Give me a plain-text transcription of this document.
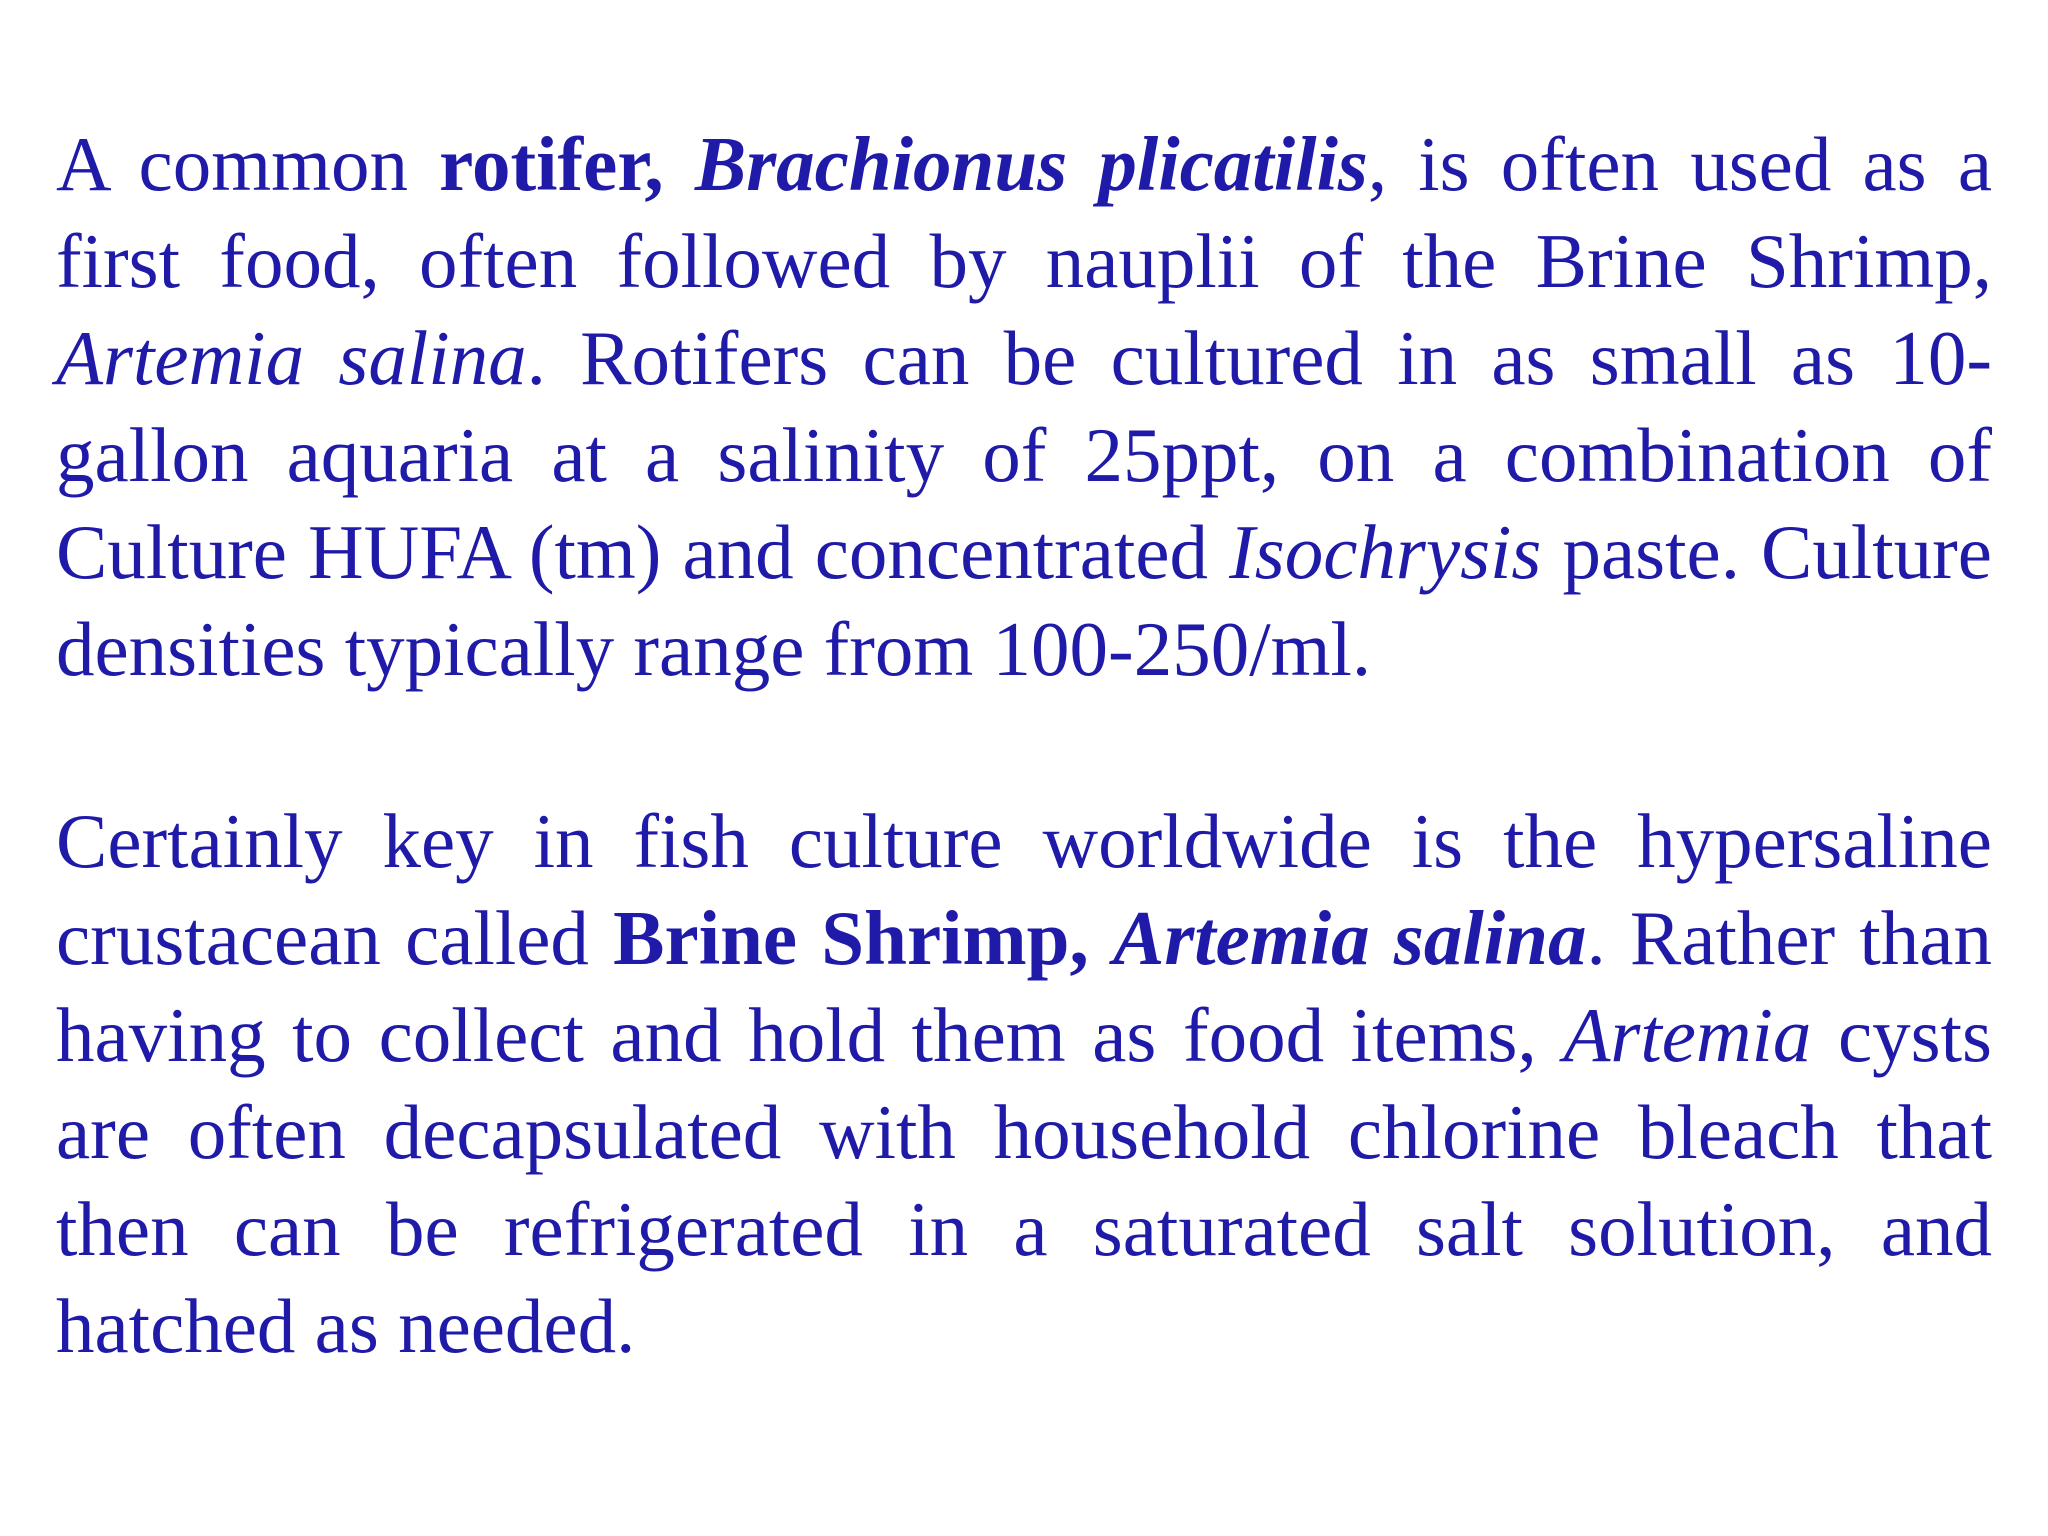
A common rotifer, Brachionus plicatilis, is often used as a first food, often followed by nauplii of the Brine Shrimp, Artemia salina. Rotifers can be cultured in as small as 10-gallon aquaria at a salinity of 25ppt, on a combination of Culture HUFA (tm) and concentrated Isochrysis paste. Culture densities typically range from 100-250/ml.

Certainly key in fish culture worldwide is the hypersaline crustacean called Brine Shrimp, Artemia salina. Rather than having to collect and hold them as food items, Artemia cysts are often decapsulated with household chlorine bleach that then can be refrigerated in a saturated salt solution, and hatched as needed.
